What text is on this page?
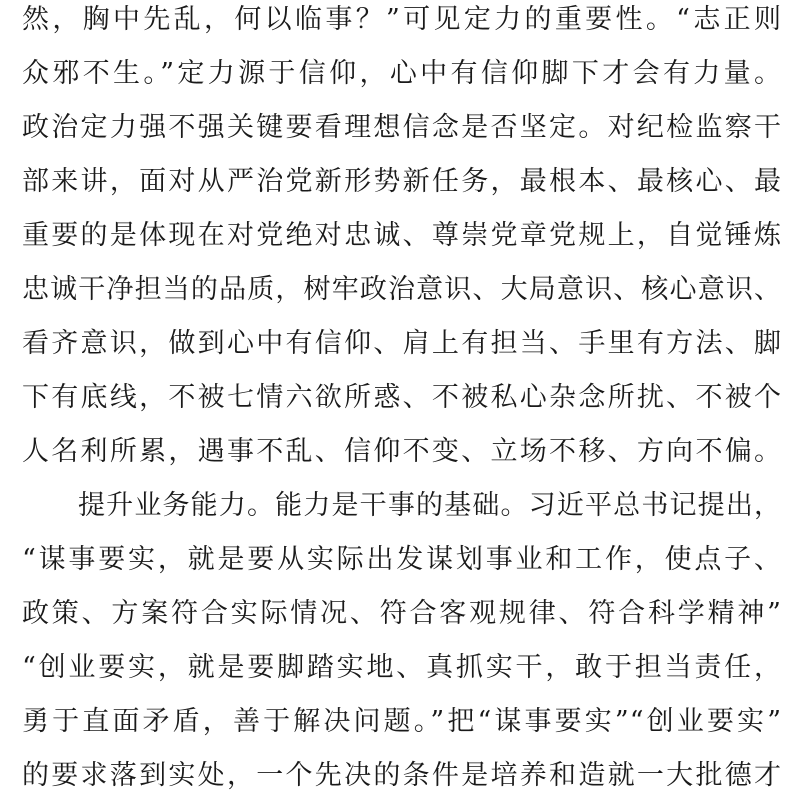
然，胸中先乱，何以临事？”可见定力的重要性。“志正则
众邪不生。”定力源于信仰，心中有信仰脚下才会有力量。
政治定力强不强关键要看理想信念是否坚定。对纪检监察干
部来讲，面对从严治党新形势新任务，最根本、最核心、最
重要的是体现在对党绝对忠诚、尊崇党章党规上，自觉锤炼
忠诚干净担当的品质，树牢政治意识、大局意识、核心意识、
看齐意识，做到心中有信仰、肩上有担当、手里有方法、脚
下有底线，不被七情六欲所惑、不被私心杂念所扰、不被个
人名利所累，遇事不乱、信仰不变、立场不移、方向不偏。
提升业务能力。能力是干事的基础。习近平总书记提出，
“谋事要实，就是要从实际出发谋划事业和工作，使点子、
政策、方案符合实际情况、符合客观规律、符合科学精神”
“创业要实，就是要脚踏实地、真抓实干，敢于担当责任，
勇于直面矛盾，善于解决问题。”把“谋事要实”“创业要实”
的要求落到实处，一个先决的条件是培养和造就一大批德才
